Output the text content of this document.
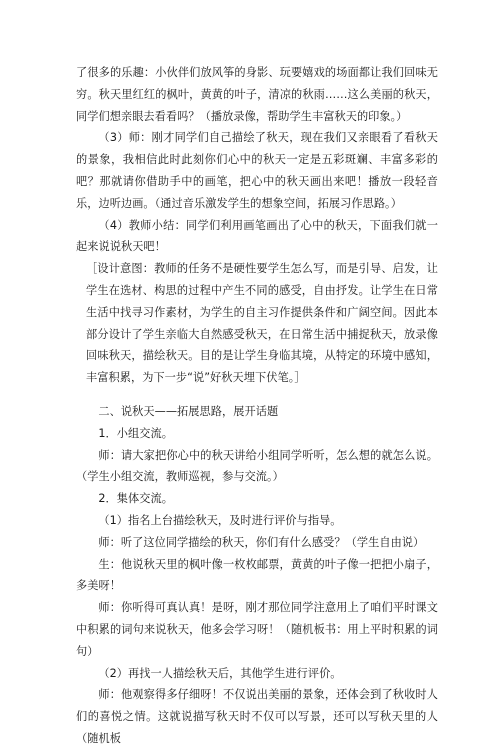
了很多的乐趣：小伙伴们放风筝的身影、玩要嬉戏的场面都让我们回味无穷。秋天里红红的枫叶，黄黄的叶子，清凉的秋雨……这么美丽的秋天，同学们想亲眼去看看吗？（播放录像，帮助学生丰富秋天的印象。）

（3）师：刚才同学们自己描绘了秋天，现在我们又亲眼看了看秋天的景象，我相信此时此刻你们心中的秋天一定是五彩斑斓、丰富多彩的吧？那就请你借助手中的画笔，把心中的秋天画出来吧！播放一段轻音乐，边听边画。（通过音乐激发学生的想象空间，拓展习作思路。）

（4）教师小结：同学们利用画笔画出了心中的秋天，下面我们就一起来说说秋天吧！

［设计意图：教师的任务不是硬性要学生怎么写，而是引导、启发，让学生在选材、构思的过程中产生不同的感受，自由抒发。让学生在日常生活中找寻习作素材，为学生的自主习作提供条件和广阔空间。因此本部分设计了学生亲临大自然感受秋天，在日常生活中捕捉秋天，放录像回味秋天，描绘秋天。目的是让学生身临其境，从特定的环境中感知，丰富积累，为下一步“说”好秋天埋下伏笔。］

二、说秋天——拓展思路，展开话题

1．小组交流。

师：请大家把你心中的秋天讲给小组同学听听，怎么想的就怎么说。（学生小组交流，教师巡视，参与交流。）

2．集体交流。

（1）指名上台描绘秋天，及时进行评价与指导。

师：听了这位同学描绘的秋天，你们有什么感受？（学生自由说）

生：他说秋天里的枫叶像一枚枚邮票，黄黄的叶子像一把把小扇子，多美呀！

师：你听得可真认真！是呀，刚才那位同学注意用上了咱们平时课文中积累的词句来说秋天，他多会学习呀！（随机板书：用上平时积累的词句）

（2）再找一人描绘秋天后，其他学生进行评价。

师：他观察得多仔细呀！不仅说出美丽的景象，还体会到了秋收时人们的喜悦之情。这就说描写秋天时不仅可以写景，还可以写秋天里的人（随机板
